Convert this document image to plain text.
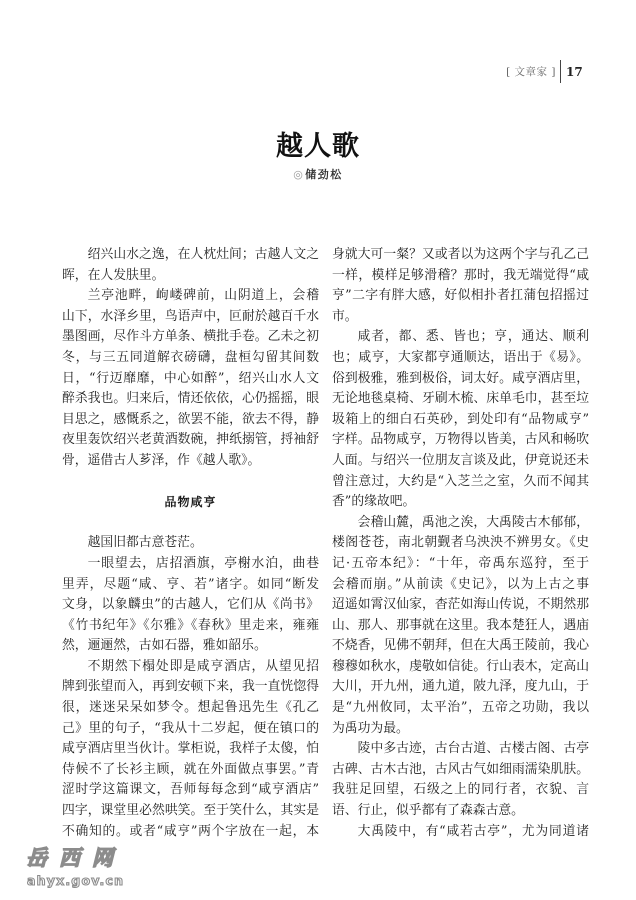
[ 文章家 ] 17
越人歌
◎储劲松
绍兴山水之逸，在人枕灶间；古越人文之
晖，在人发肤里。
兰亭池畔，岣嵝碑前，山阴道上，会稽
山下，水泽乡里，鸟语声中，叵耐於越百千水
墨图画，尽作斗方单条、横批手卷。乙未之初
冬，与三五同道解衣磅礴，盘桓勾留其间数
日，“行迈靡靡，中心如醉”，绍兴山水人文
醉杀我也。归来后，情还依依，心仍摇摇，眼
目思之，感慨系之，欲罢不能，欲去不得，静
夜里轰饮绍兴老黄酒数碗，抻纸搦管，捋袖舒
骨，遥借古人芗泽，作《越人歌》。
品物咸亨
越国旧都古意苍茫。
一眼望去，店招酒旗，亭榭水泊，曲巷
里弄，尽题“咸、亨、若”诸字。如同“断发
文身，以象麟虫”的古越人，它们从《尚书》
《竹书纪年》《尔雅》《春秋》里走来，雍雍
然，逦逦然，古如石器，雅如韶乐。
不期然下榻处即是咸亨酒店，从望见招
牌到张望而入，再到安顿下来，我一直恍惚得
很，迷迷呆呆如梦令。想起鲁迅先生《孔乙
己》里的句子，“我从十二岁起，便在镇口的
咸亨酒店里当伙计。掌柜说，我样子太傻，怕
侍候不了长衫主顾，就在外面做点事罢。”青
涩时学这篇课文，吾师每每念到“咸亨酒店”
四字，课堂里必然哄笑。至于笑什么，其实是
不确知的。或者“咸亨”两个字放在一起，本
身就大可一粲？又或者以为这两个字与孔乙己
一样，模样足够滑稽？那时，我无端觉得“咸
亨”二字有胖大感，好似相扑者扛蒲包招摇过
市。
咸者，都、悉、皆也；亨，通达、顺利
也；咸亨，大家都亨通顺达，语出于《易》。
俗到极雅，雅到极俗，词太好。咸亨酒店里，
无论地毯桌椅、牙刷木梳、床单毛巾，甚至垃
圾箱上的细白石英砂，到处印有“品物咸亨”
字样。品物咸亨，万物得以皆美，古风和畅吹
人面。与绍兴一位朋友言谈及此，伊竟说还未
曾注意过，大约是“入芝兰之室，久而不闻其
香”的缘故吧。
会稽山麓，禹池之涘，大禹陵古木郁郁，
楼阁苍苍，南北朝觐者乌泱泱不辨男女。《史
记·五帝本纪》：“十年，帝禹东巡狩，至于
会稽而崩。”从前读《史记》，以为上古之事
迢遥如霄汉仙家，杳茫如海山传说，不期然那
山、那人、那事就在这里。我本楚狂人，遇庙
不烧香，见佛不朝拜，但在大禹王陵前，我心
穆穆如秋水，虔敬如信徒。行山表木，定高山
大川，开九州，通九道，陂九泽，度九山，于
是“九州攸同，太平治”，五帝之功勋，我以
为禹功为最。
陵中多古迹，古台古道、古楼古阁、古亭
古碑、古木古池，古风古气如细雨濡染肌肤。
我驻足回望，石级之上的同行者，衣貌、言
语、行止，似乎都有了森森古意。
大禹陵中，有“咸若古亭”，尤为同道诸
岳西网
ahyx.gov.cn
